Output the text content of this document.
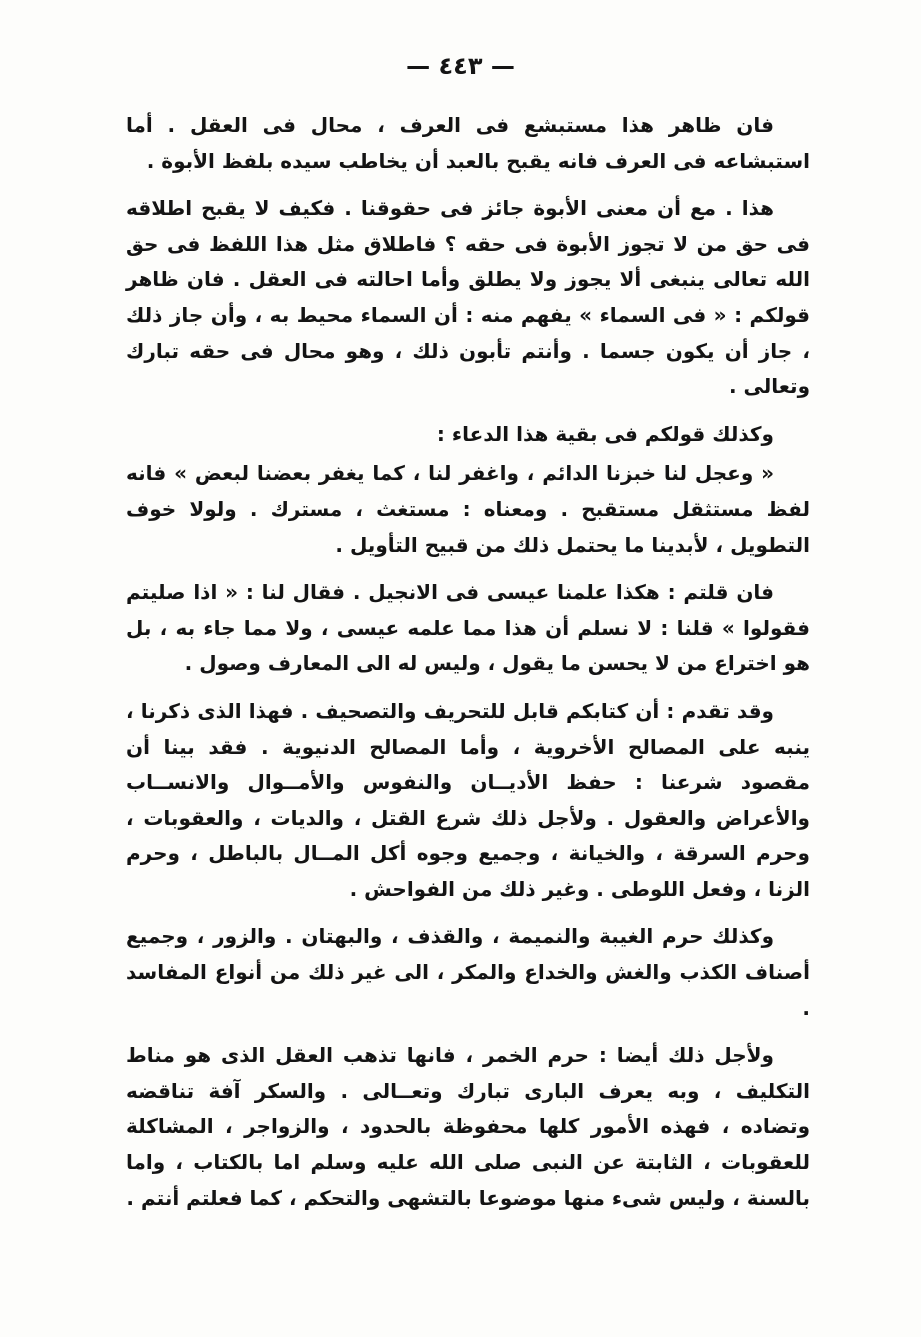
— ٤٤٣ —

فان ظاهر هذا مستبشع فى العرف ، محال فى العقل . أما استبشاعه فى العرف فانه يقبح بالعبد أن يخاطب سيده بلفظ الأبوة .

هذا . مع أن معنى الأبوة جائز فى حقوقنا . فكيف لا يقبح اطلاقه فى حق من لا تجوز الأبوة فى حقه ؟ فاطلاق مثل هذا اللفظ فى حق الله تعالى ينبغى ألا يجوز ولا يطلق وأما احالته فى العقل . فان ظاهر قولكم : « فى السماء » يفهم منه : أن السماء محيط به ، وأن جاز ذلك ، جاز أن يكون جسما . وأنتم تأبون ذلك ، وهو محال فى حقه تبارك وتعالى .

وكذلك قولكم فى بقية هذا الدعاء :

« وعجل لنا خبزنا الدائم ، واغفر لنا ، كما يغفر بعضنا لبعض » فانه لفظ مستثقل مستقبح . ومعناه : مستغث ، مسترك . ولولا خوف التطويل ، لأبدينا ما يحتمل ذلك من قبيح التأويل .

فان قلتم : هكذا علمنا عيسى فى الانجيل . فقال لنا : « اذا صليتم فقولوا » قلنا : لا نسلم أن هذا مما علمه عيسى ، ولا مما جاء به ، بل هو اختراع من لا يحسن ما يقول ، وليس له الى المعارف وصول .

وقد تقدم : أن كتابكم قابل للتحريف والتصحيف . فهذا الذى ذكرنا ، ينبه على المصالح الأخروية ، وأما المصالح الدنيوية . فقد بينا أن مقصود شرعنا : حفظ الأديــان والنفوس والأمــوال والانســاب والأعراض والعقول . ولأجل ذلك شرع القتل ، والديات ، والعقوبات ، وحرم السرقة ، والخيانة ، وجميع وجوه أكل المــال بالباطل ، وحرم الزنا ، وفعل اللوطى . وغير ذلك من الفواحش .

وكذلك حرم الغيبة والنميمة ، والقذف ، والبهتان . والزور ، وجميع أصناف الكذب والغش والخداع والمكر ، الى غير ذلك من أنواع المفاسد .

ولأجل ذلك أيضا : حرم الخمر ، فانها تذهب العقل الذى هو مناط التكليف ، وبه يعرف البارى تبارك وتعــالى . والسكر آفة تناقضه وتضاده ، فهذه الأمور كلها محفوظة بالحدود ، والزواجر ، المشاكلة للعقوبات ، الثابتة عن النبى صلى الله عليه وسلم اما بالكتاب ، واما بالسنة ، وليس شىء منها موضوعا بالتشهى والتحكم ، كما فعلتم أنتم .
